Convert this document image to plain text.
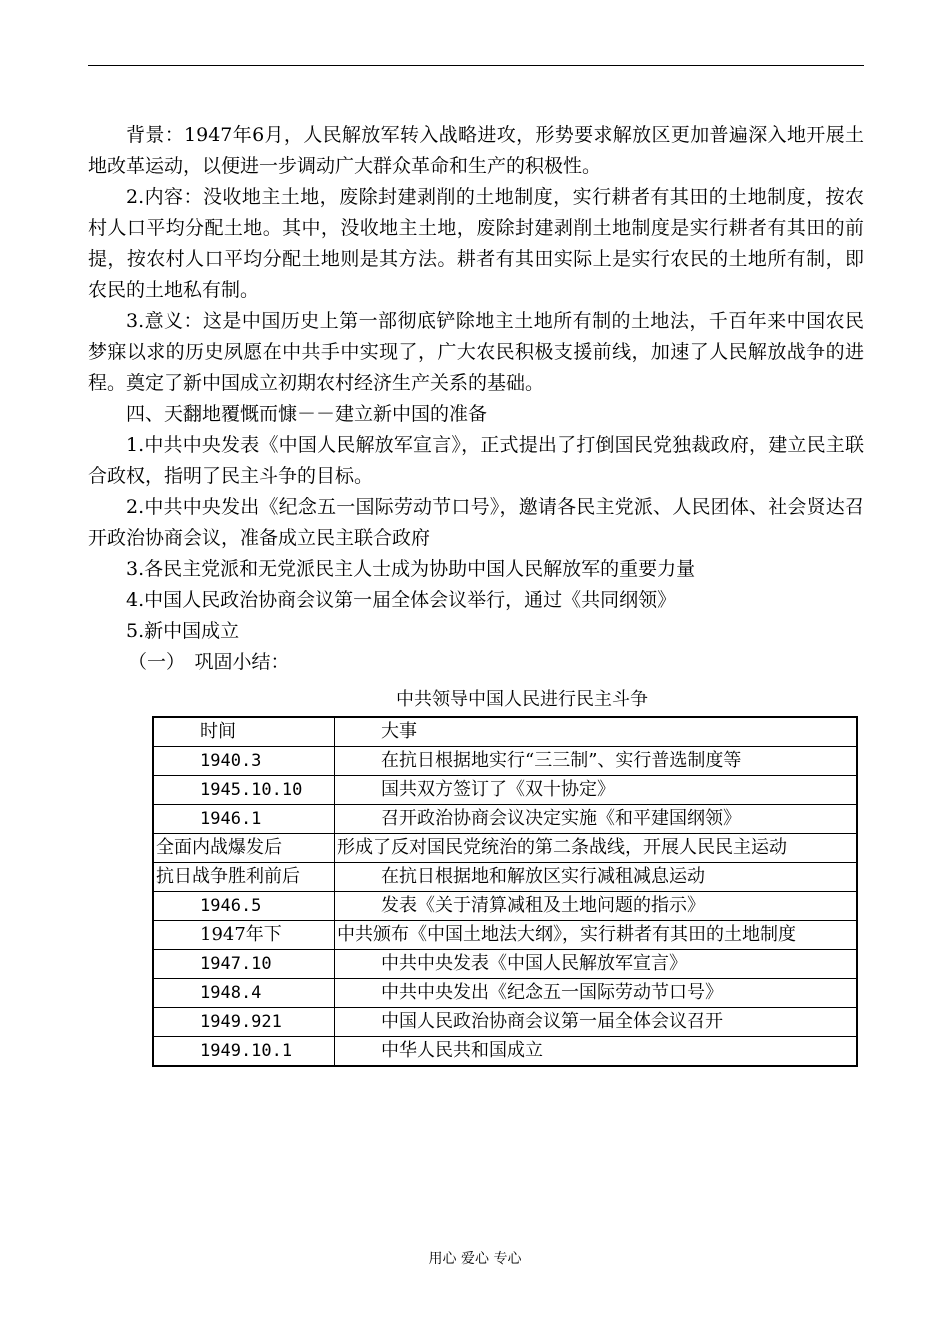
背景：1947年6月，人民解放军转入战略进攻，形势要求解放区更加普遍深入地开展土地改革运动，以便进一步调动广大群众革命和生产的积极性。

2.内容：没收地主土地，废除封建剥削的土地制度，实行耕者有其田的土地制度，按农村人口平均分配土地。其中，没收地主土地，废除封建剥削土地制度是实行耕者有其田的前提，按农村人口平均分配土地则是其方法。耕者有其田实际上是实行农民的土地所有制，即农民的土地私有制。

3.意义：这是中国历史上第一部彻底铲除地主土地所有制的土地法，千百年来中国农民梦寐以求的历史夙愿在中共手中实现了，广大农民积极支援前线，加速了人民解放战争的进程。奠定了新中国成立初期农村经济生产关系的基础。

四、天翻地覆慨而慷－－建立新中国的准备

1.中共中央发表《中国人民解放军宣言》，正式提出了打倒国民党独裁政府，建立民主联合政权，指明了民主斗争的目标。

2.中共中央发出《纪念五一国际劳动节口号》，邀请各民主党派、人民团体、社会贤达召开政治协商会议，准备成立民主联合政府

3.各民主党派和无党派民主人士成为协助中国人民解放军的重要力量

4.中国人民政治协商会议第一届全体会议举行，通过《共同纲领》

5.新中国成立

（一）　巩固小结：

中共领导中国人民进行民主斗争
时间	大事

1940.3	在抗日根据地实行“三三制”、实行普选制度等

1945.10.10	国共双方签订了《双十协定》

1946.1	召开政治协商会议决定实施《和平建国纲领》

全面内战爆发后	形成了反对国民党统治的第二条战线，开展人民民主运动

抗日战争胜利前后	在抗日根据地和解放区实行减租减息运动

1946.5	发表《关于清算减租及土地问题的指示》

1947年下	中共颁布《中国土地法大纲》，实行耕者有其田的土地制度

1947.10	中共中央发表《中国人民解放军宣言》

1948.4	中共中央发出《纪念五一国际劳动节口号》

1949.921	中国人民政治协商会议第一届全体会议召开

1949.10.1	中华人民共和国成立
用心 爱心 专心
